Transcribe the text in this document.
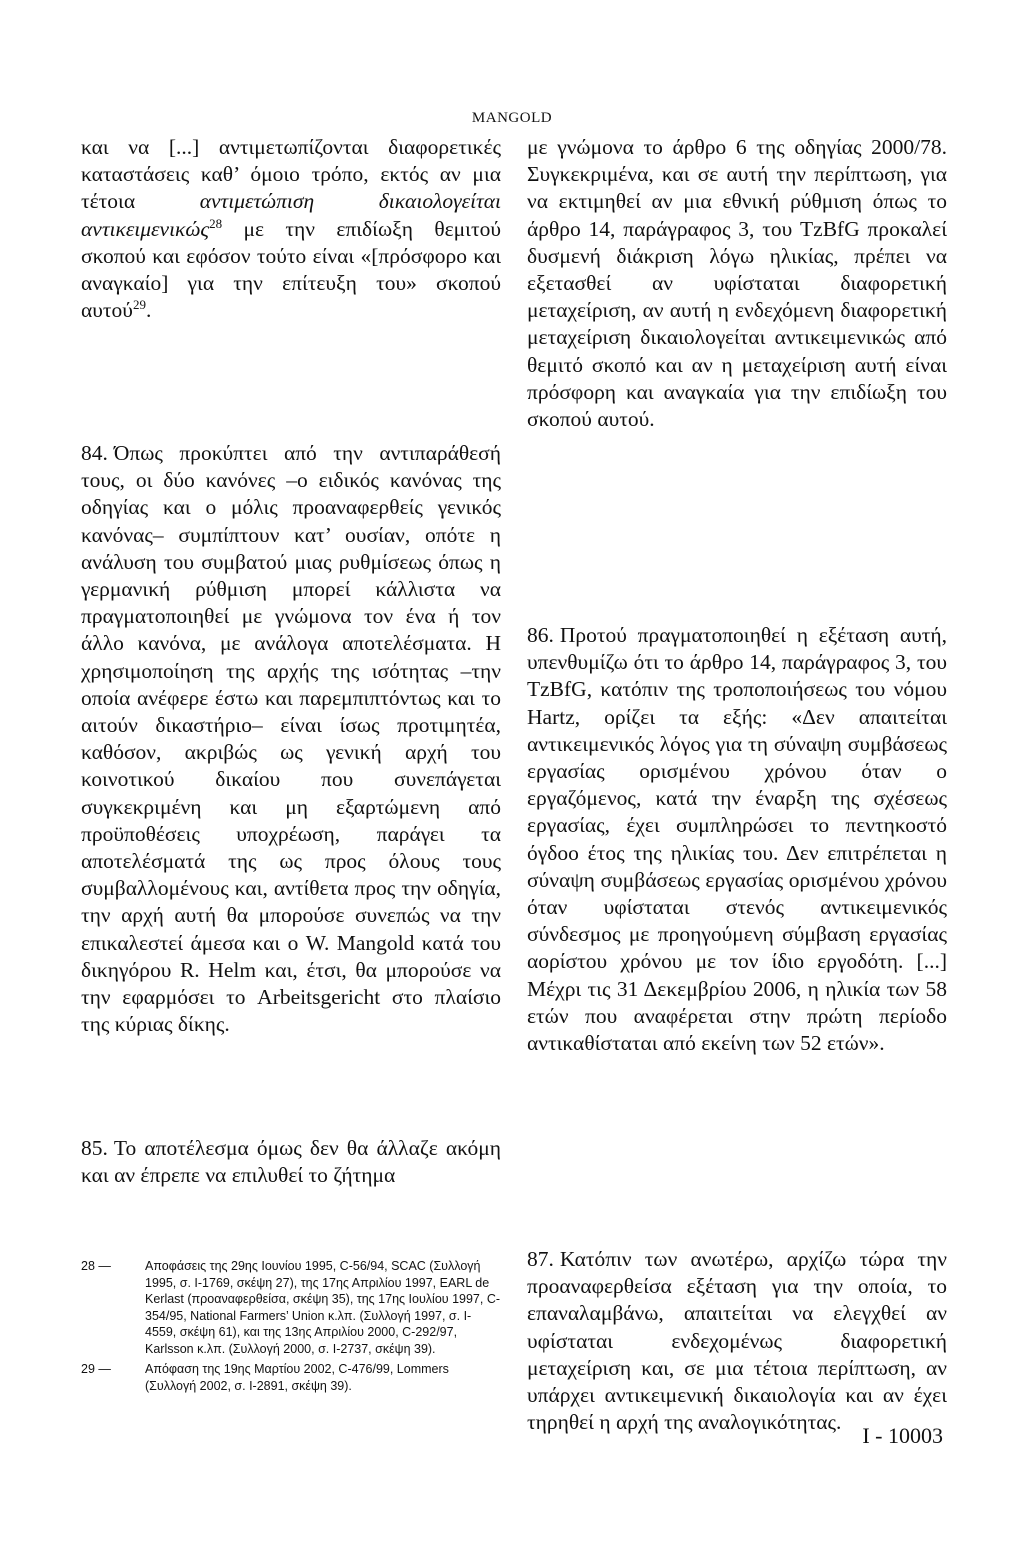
MANGOLD

και να [...] αντιμετωπίζονται διαφορετικές καταστάσεις καθ’ όμοιο τρόπο, εκτός αν μια τέτοια αντιμετώπιση δικαιολογείται αντικειμενικώς$^{28}$ με την επιδίωξη θεμιτού σκοπού και εφόσον τούτο είναι «[πρόσφορο και αναγκαίο] για την επίτευξη του» σκοπού αυτού$^{29}$.

84. Όπως προκύπτει από την αντιπαράθεσή τους, οι δύο κανόνες –ο ειδικός κανόνας της οδηγίας και ο μόλις προαναφερθείς γενικός κανόνας– συμπίπτουν κατ’ ουσίαν, οπότε η ανάλυση του συμβατού μιας ρυθμίσεως όπως η γερμανική ρύθμιση μπορεί κάλλιστα να πραγματοποιηθεί με γνώμονα τον ένα ή τον άλλο κανόνα, με ανάλογα αποτελέσματα. Η χρησιμοποίηση της αρχής της ισότητας –την οποία ανέφερε έστω και παρεμπιπτόντως και το αιτούν δικαστήριο– είναι ίσως προτιμητέα, καθόσον, ακριβώς ως γενική αρχή του κοινοτικού δικαίου που συνεπάγεται συγκεκριμένη και μη εξαρτώμενη από προϋποθέσεις υποχρέωση, παράγει τα αποτελέσματά της ως προς όλους τους συμβαλλομένους και, αντίθετα προς την οδηγία, την αρχή αυτή θα μπορούσε συνεπώς να την επικαλεστεί άμεσα και ο W. Mangold κατά του δικηγόρου R. Helm και, έτσι, θα μπορούσε να την εφαρμόσει το Arbeitsgericht στο πλαίσιο της κύριας δίκης.

85. Το αποτέλεσμα όμως δεν θα άλλαζε ακόμη και αν έπρεπε να επιλυθεί το ζήτημα

28 —	Αποφάσεις της 29ης Ιουνίου 1995, C-56/94, SCAC (Συλλογή 1995, σ. I-1769, σκέψη 27), της 17ης Απριλίου 1997, EARL de Kerlast (προαναφερθείσα, σκέψη 35), της 17ης Ιουλίου 1997, C-354/95, National Farmers’ Union κ.λπ. (Συλλογή 1997, σ. I-4559, σκέψη 61), και της 13ης Απριλίου 2000, C-292/97, Karlsson κ.λπ. (Συλλογή 2000, σ. I-2737, σκέψη 39).
29 —	Απόφαση της 19ης Μαρτίου 2002, C-476/99, Lommers (Συλλογή 2002, σ. I-2891, σκέψη 39).

με γνώμονα το άρθρο 6 της οδηγίας 2000/78. Συγκεκριμένα, και σε αυτή την περίπτωση, για να εκτιμηθεί αν μια εθνική ρύθμιση όπως το άρθρο 14, παράγραφος 3, του TzBfG προκαλεί δυσμενή διάκριση λόγω ηλικίας, πρέπει να εξετασθεί αν υφίσταται διαφορετική μεταχείριση, αν αυτή η ενδεχόμενη διαφορετική μεταχείριση δικαιολογείται αντικειμενικώς από θεμιτό σκοπό και αν η μεταχείριση αυτή είναι πρόσφορη και αναγκαία για την επιδίωξη του σκοπού αυτού.

86. Προτού πραγματοποιηθεί η εξέταση αυτή, υπενθυμίζω ότι το άρθρο 14, παράγραφος 3, του TzBfG, κατόπιν της τροποποιήσεως του νόμου Hartz, ορίζει τα εξής: «Δεν απαιτείται αντικειμενικός λόγος για τη σύναψη συμβάσεως εργασίας ορισμένου χρόνου όταν ο εργαζόμενος, κατά την έναρξη της σχέσεως εργασίας, έχει συμπληρώσει το πεντηκοστό όγδοο έτος της ηλικίας του. Δεν επιτρέπεται η σύναψη συμβάσεως εργασίας ορισμένου χρόνου όταν υφίσταται στενός αντικειμενικός σύνδεσμος με προηγούμενη σύμβαση εργασίας αορίστου χρόνου με τον ίδιο εργοδότη. [...] Μέχρι τις 31 Δεκεμβρίου 2006, η ηλικία των 58 ετών που αναφέρεται στην πρώτη περίοδο αντικαθίσταται από εκείνη των 52 ετών».

87. Κατόπιν των ανωτέρω, αρχίζω τώρα την προαναφερθείσα εξέταση για την οποία, το επαναλαμβάνω, απαιτείται να ελεγχθεί αν υφίσταται ενδεχομένως διαφορετική μεταχείριση και, σε μια τέτοια περίπτωση, αν υπάρχει αντικειμενική δικαιολογία και αν έχει τηρηθεί η αρχή της αναλογικότητας.

I - 10003
